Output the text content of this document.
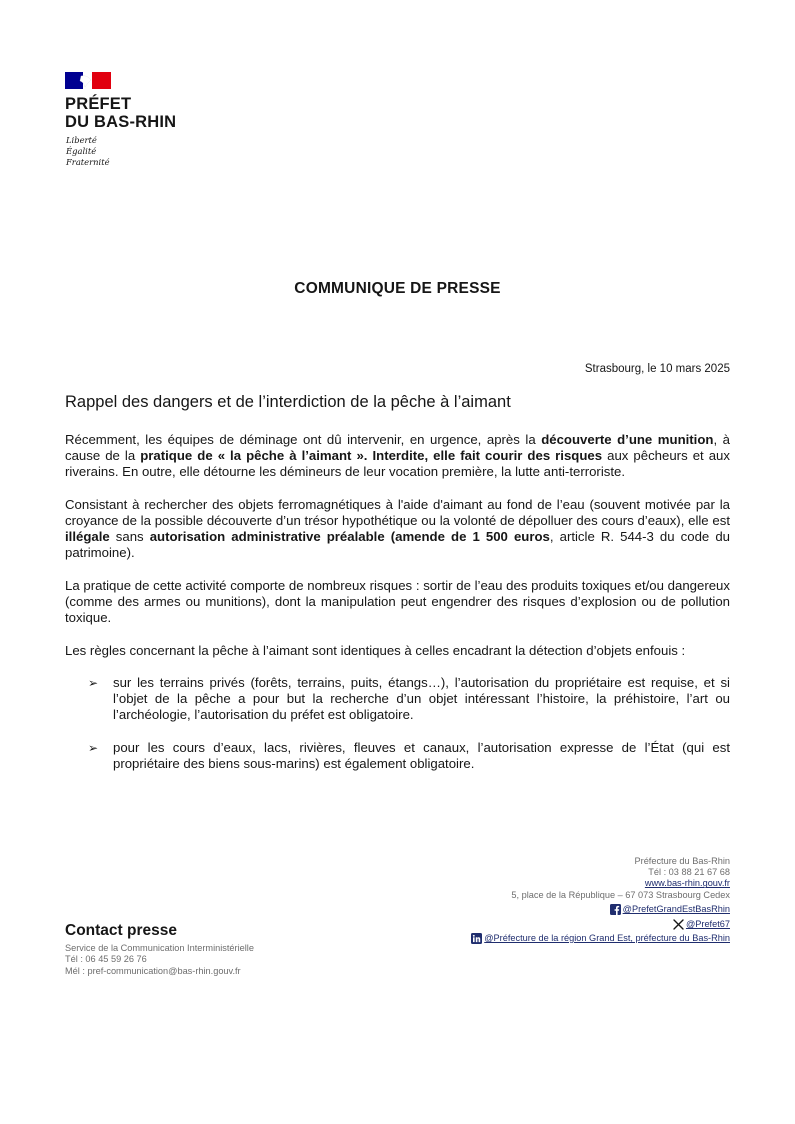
PRÉFET
DU BAS-RHIN
Liberté
Égalité
Fraternité
COMMUNIQUE DE PRESSE
Strasbourg, le 10 mars 2025
Rappel des dangers et de l’interdiction de la pêche à l’aimant

Récemment, les équipes de déminage ont dû intervenir, en urgence, après la découverte d’une munition, à cause de la pratique de « la pêche à l’aimant ». Interdite, elle fait courir des risques aux pêcheurs et aux riverains. En outre, elle détourne les démineurs de leur vocation première, la lutte anti-terroriste.

Consistant à rechercher des objets ferromagnétiques à l'aide d'aimant au fond de l’eau (souvent motivée par la croyance de la possible découverte d’un trésor hypothétique ou la volonté de dépolluer des cours d’eaux), elle est illégale sans autorisation administrative préalable (amende de 1 500 euros, article R. 544-3 du code du patrimoine).

La pratique de cette activité comporte de nombreux risques : sortir de l’eau des produits toxiques et/ou dangereux (comme des armes ou munitions), dont la manipulation peut engendrer des risques d’explosion ou de pollution toxique.

Les règles concernant la pêche à l’aimant sont identiques à celles encadrant la détection d’objets enfouis :

➢ sur les terrains privés (forêts, terrains, puits, étangs…), l’autorisation du propriétaire est requise, et si l’objet de la pêche a pour but la recherche d’un objet intéressant l’histoire, la préhistoire, l’art ou l’archéologie, l’autorisation du préfet est obligatoire.
➢ pour les cours d’eaux, lacs, rivières, fleuves et canaux, l’autorisation expresse de l’État (qui est propriétaire des biens sous-marins) est également obligatoire.
Préfecture du Bas-Rhin
Tél : 03 88 21 67 68
www.bas-rhin.gouv.fr
5, place de la République – 67 073 Strasbourg Cedex
@PrefetGrandEstBasRhin
@Prefet67
@Préfecture de la région Grand Est, préfecture du Bas-Rhin
Contact presse
Service de la Communication Interministérielle
Tél : 06 45 59 26 76
Mél : pref-communication@bas-rhin.gouv.fr
